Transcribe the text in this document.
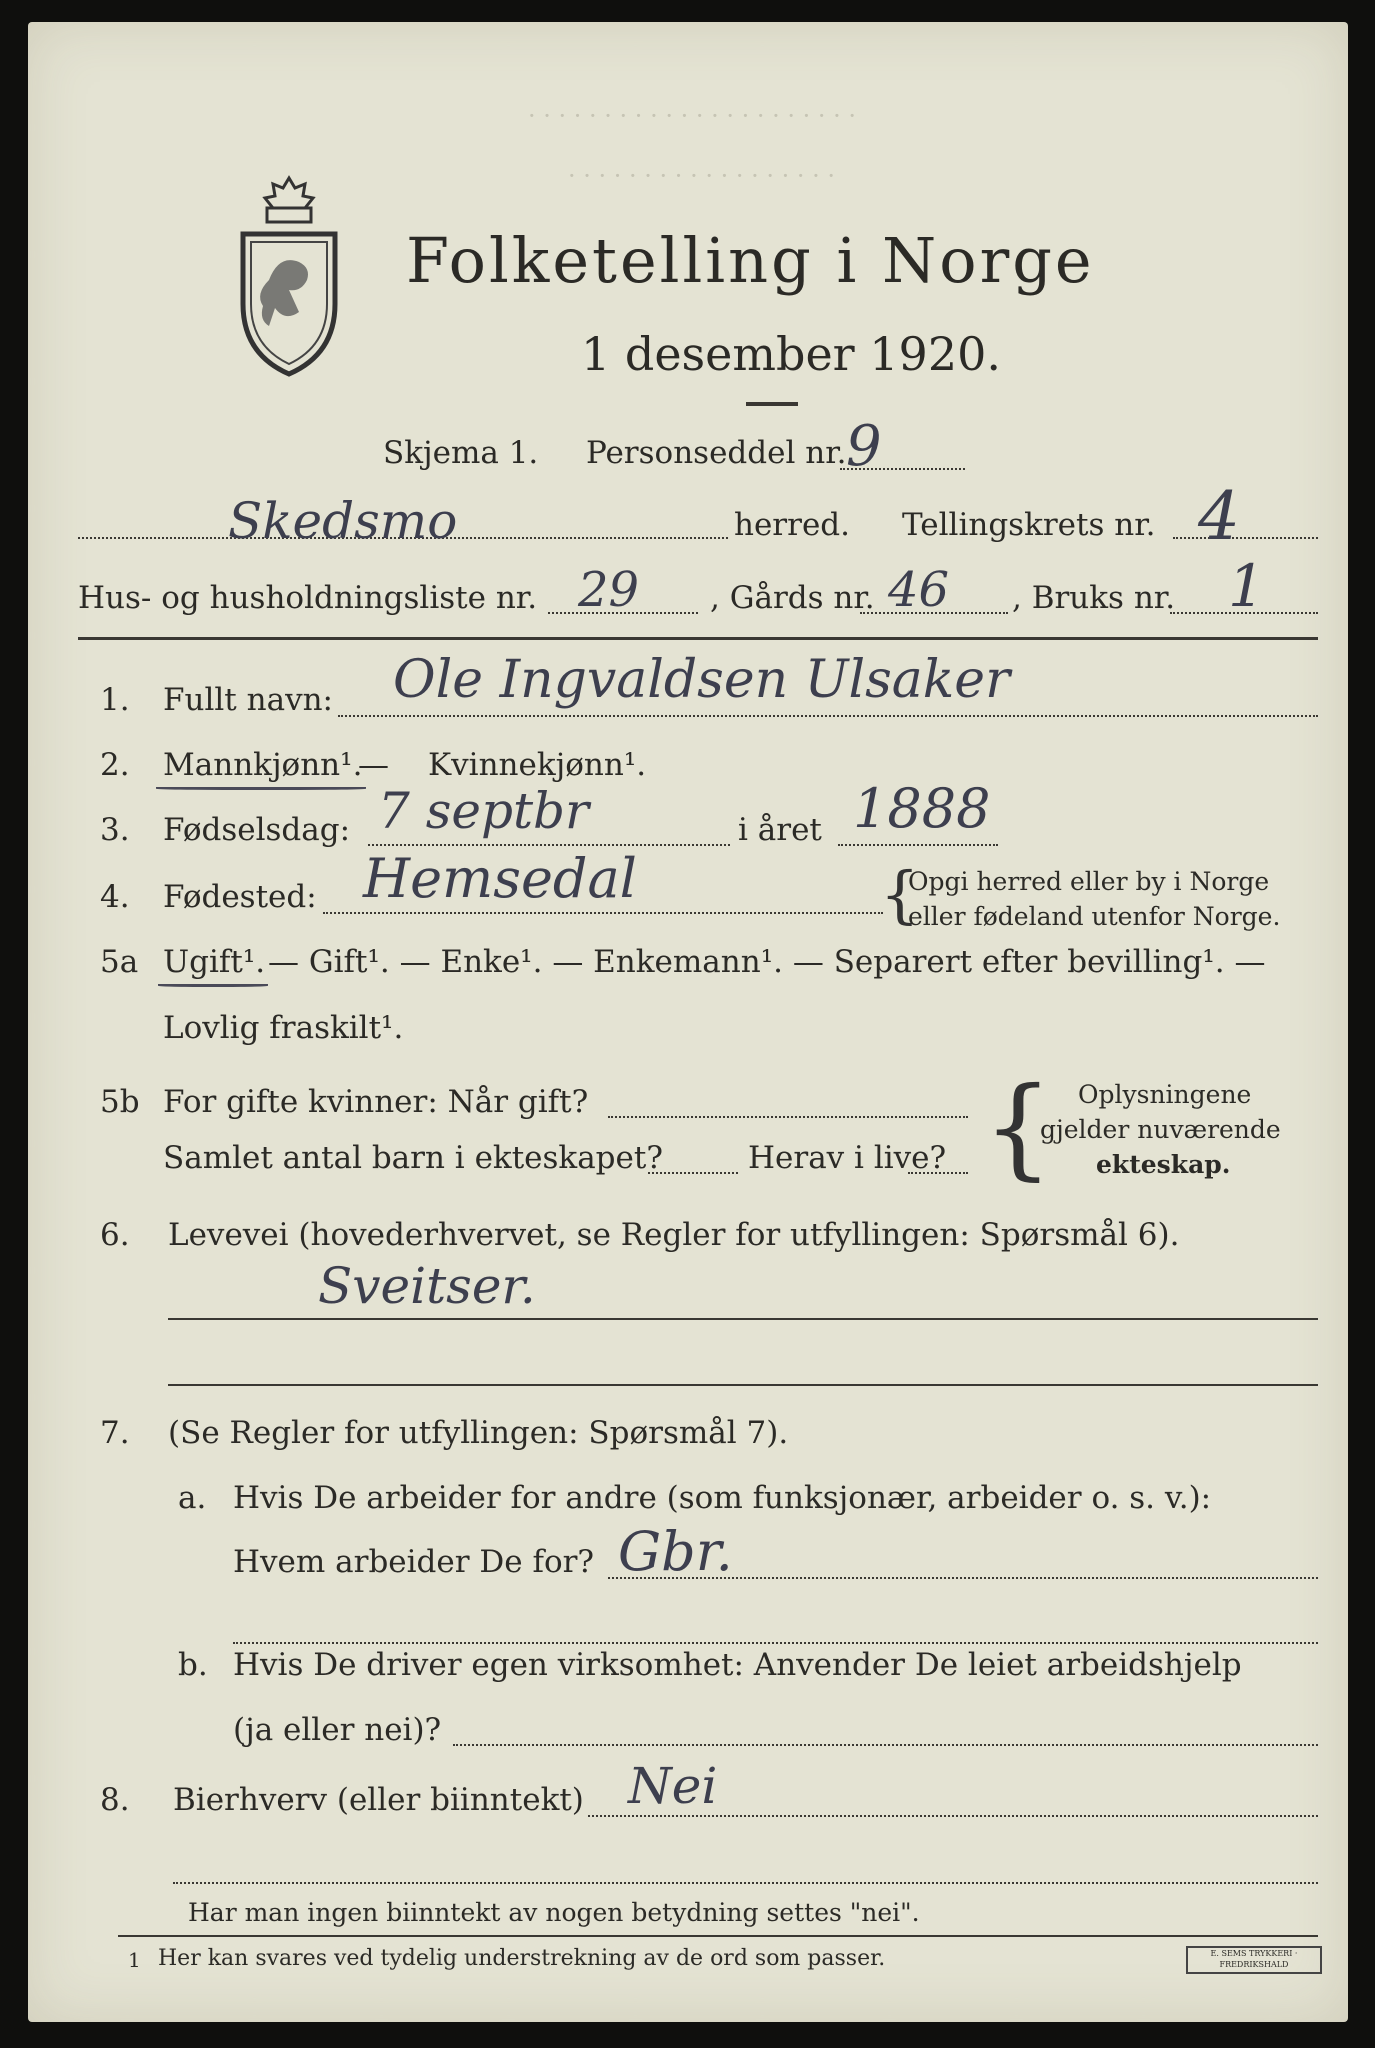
· · · · · · · · · · · · · · · · · · · · · ·
· · · · · · · · · · · · · · · · · ·
Folketelling i Norge
1 desember 1920.
Skjema 1. Personseddel nr. 9
Skedsmo	herred. Tellingskrets nr. 4
Hus- og husholdningsliste nr. 29 , Gårds nr. 46 , Bruks nr. 1
1. Fullt navn: Ole Ingvaldsen Ulsaker
2. Mannkjønn¹.
— Kvinnekjønn¹.
3. Fødselsdag: 7 septbr	i året 1888
4. Fødested: Hemsedal	{
Opgi herred eller by i Norge
eller fødeland utenfor Norge.
5a Ugift¹. — Gift¹. — Enke¹. — Enkemann¹. — Separert efter bevilling¹. —
Lovlig fraskilt¹.
5b For gifte kvinner: Når gift?
Samlet antal barn i ekteskapet?	Herav i live? { Oplysningene
gjelder nuværende
ekteskap.
6. Levevei (hovederhvervet, se Regler for utfyllingen: Spørsmål 6).
Sveitser.
7. (Se Regler for utfyllingen: Spørsmål 7).
a. Hvis De arbeider for andre (som funksjonær, arbeider o. s. v.):
Hvem arbeider De for? Gbr.
b. Hvis De driver egen virksomhet: Anvender De leiet arbeidshjelp
(ja eller nei)?
8. Bierhverv (eller biinntekt) Nei
Har man ingen biinntekt av nogen betydning settes "nei".
1 Her kan svares ved tydelig understrekning av de ord som passer.	E. SEMS TRYKKERI · FREDRIKSHALD
